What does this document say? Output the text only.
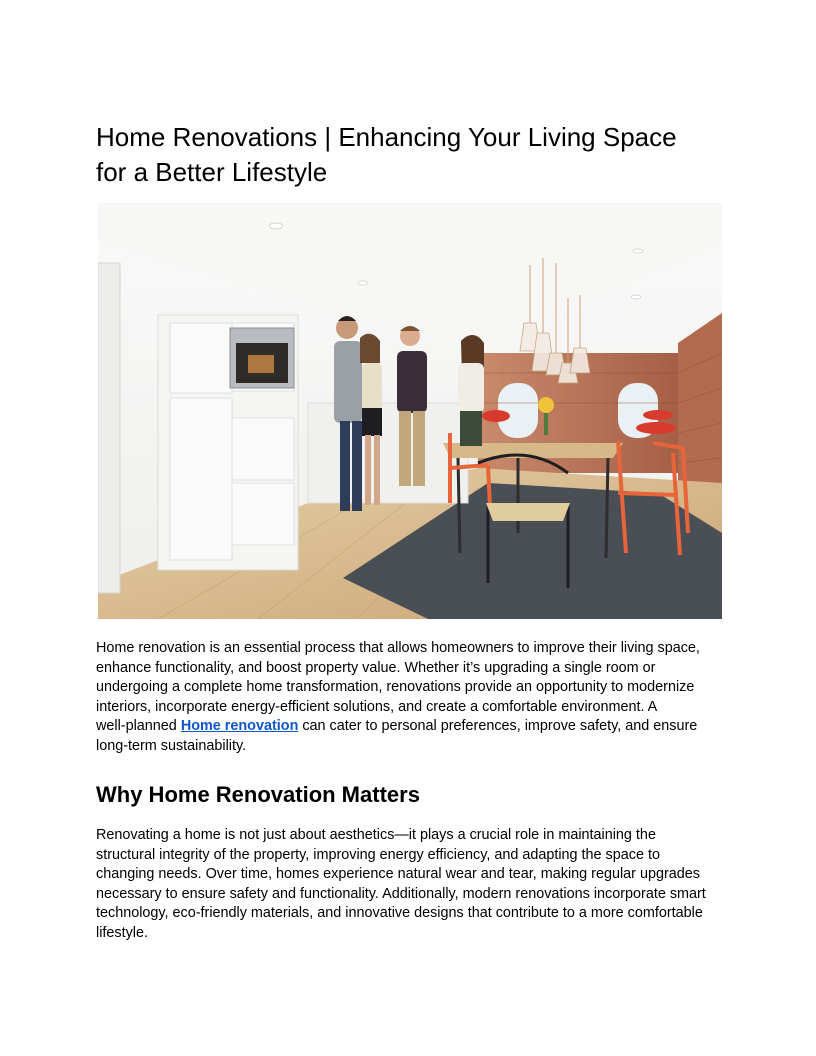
Home Renovations | Enhancing Your Living Space
for a Better Lifestyle

Home renovation is an essential process that allows homeowners to improve their living space,
enhance functionality, and boost property value. Whether it’s upgrading a single room or
undergoing a complete home transformation, renovations provide an opportunity to modernize
interiors, incorporate energy-efficient solutions, and create a comfortable environment. A
well-planned Home renovation can cater to personal preferences, improve safety, and ensure
long-term sustainability.

Why Home Renovation Matters

Renovating a home is not just about aesthetics—it plays a crucial role in maintaining the
structural integrity of the property, improving energy efficiency, and adapting the space to
changing needs. Over time, homes experience natural wear and tear, making regular upgrades
necessary to ensure safety and functionality. Additionally, modern renovations incorporate smart
technology, eco-friendly materials, and innovative designs that contribute to a more comfortable
lifestyle.
